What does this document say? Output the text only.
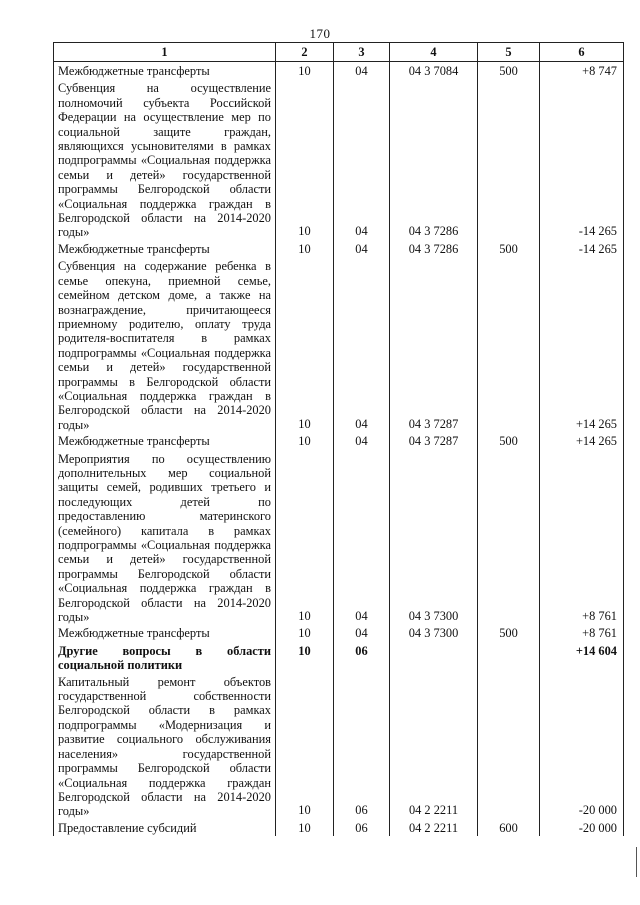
170
1	2	3	4	5	6
Межбюджетные трансферты	10	04	04 3 7084	500	+8 747
Субвенция на осуществление полномочий субъекта Российской Федерации на осуществление мер по социальной защите граждан, являющихся усыновителями в рамках подпрограммы «Социальная поддержка семьи и детей» государственной программы Белгородской области «Социальная поддержка граждан в Белгородской области на 2014-2020 годы»	10	04	04 3 7286		-14 265
Межбюджетные трансферты	10	04	04 3 7286	500	-14 265
Субвенция на содержание ребенка в семье опекуна, приемной семье, семейном детском доме, а также на вознаграждение, причитающееся приемному родителю, оплату труда родителя-воспитателя в рамках подпрограммы «Социальная поддержка семьи и детей» государственной программы в Белгородской области «Социальная поддержка граждан в Белгородской области на 2014-2020 годы»	10	04	04 3 7287		+14 265
Межбюджетные трансферты	10	04	04 3 7287	500	+14 265
Мероприятия по осуществлению дополнительных мер социальной защиты семей, родивших третьего и последующих детей по предоставлению материнского (семейного) капитала в рамках подпрограммы «Социальная поддержка семьи и детей» государственной программы Белгородской области «Социальная поддержка граждан в Белгородской области на 2014-2020 годы»	10	04	04 3 7300		+8 761
Межбюджетные трансферты	10	04	04 3 7300	500	+8 761
Другие вопросы в области социальной политики	10	06			+14 604
Капитальный ремонт объектов государственной собственности Белгородской области в рамках подпрограммы «Модернизация и развитие социального обслуживания населения» государственной программы Белгородской области «Социальная поддержка граждан Белгородской области на 2014-2020 годы»	10	06	04 2 2211		-20 000
Предоставление субсидий	10	06	04 2 2211	600	-20 000
